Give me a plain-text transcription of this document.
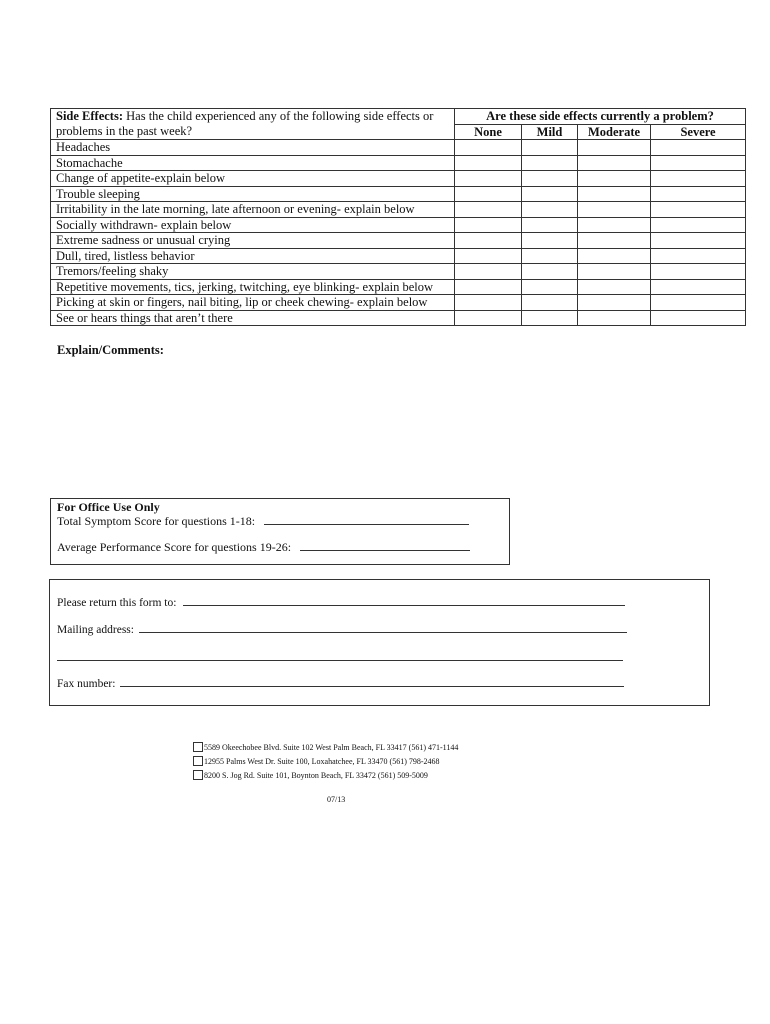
Side Effects: Has the child experienced any of the following side effects or	Are these side effects currently a problem?			
problems in the past week?	None	Mild	Moderate	Severe
Headaches				
Stomachache				
Change of appetite-explain below				
Trouble sleeping				
Irritability in the late morning, late afternoon or evening- explain below				
Socially withdrawn- explain below				
Extreme sadness or unusual crying				
Dull, tired, listless behavior				
Tremors/feeling shaky				
Repetitive movements, tics, jerking, twitching, eye blinking- explain below				
Picking at skin or fingers, nail biting, lip or cheek chewing- explain below				
See or hears things that aren’t there				
Explain/Comments:
For Office Use Only
Total Symptom Score for questions 1-18:
Average Performance Score for questions 19-26:
Please return this form to:
Mailing address:
Fax number:
5589 Okeechobee Blvd. Suite 102 West Palm Beach, FL 33417 (561) 471-1144
12955 Palms West Dr. Suite 100, Loxahatchee, FL 33470 (561) 798-2468
8200 S. Jog Rd. Suite 101, Boynton Beach, FL 33472 (561) 509-5009
07/13
